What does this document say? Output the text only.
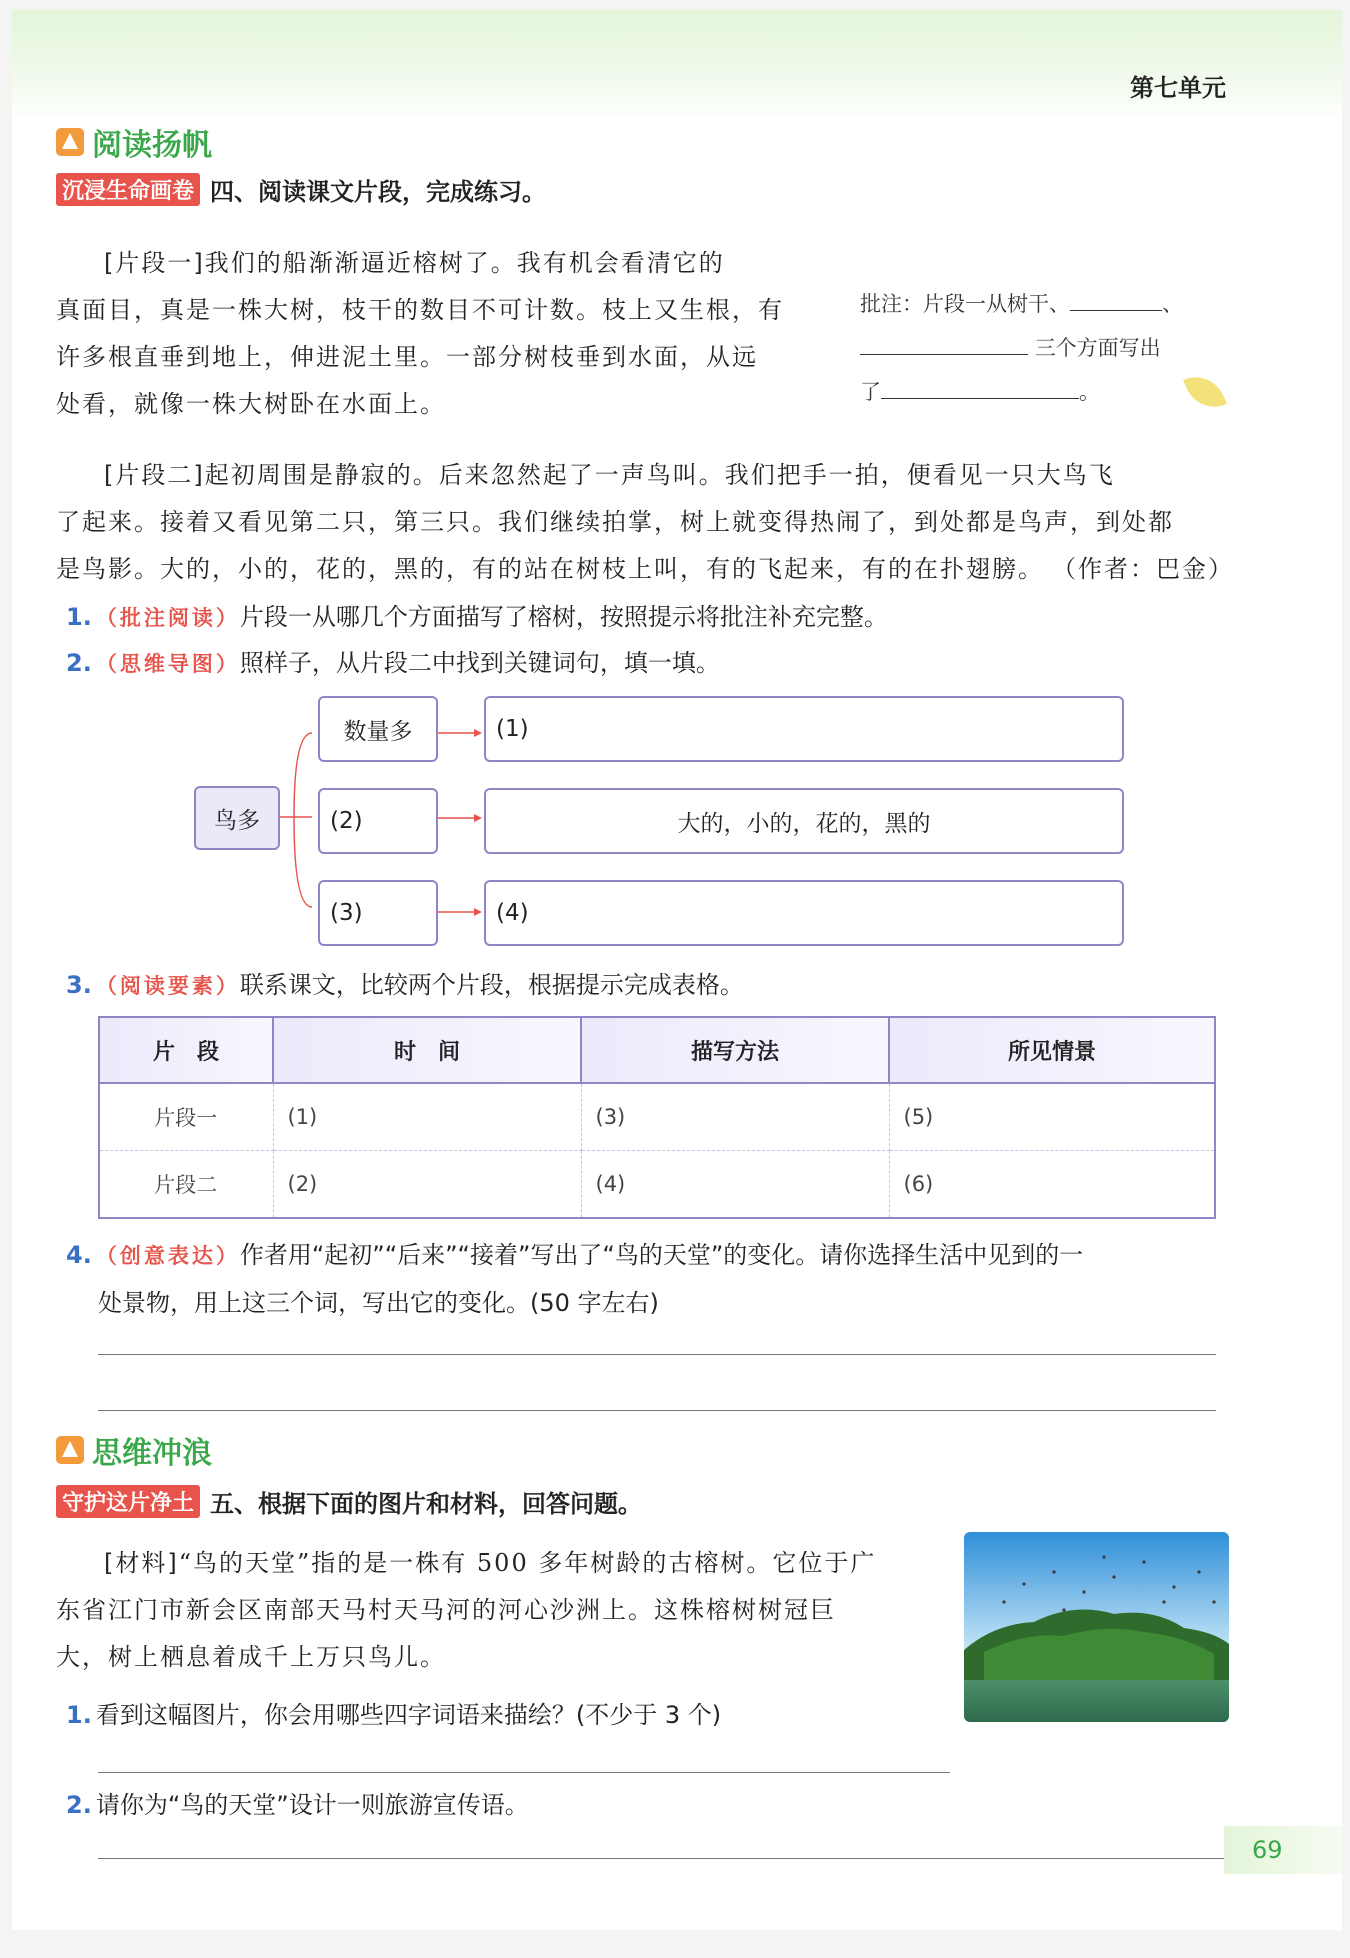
第七单元
阅读扬帆
沉浸生命画卷 四、阅读课文片段，完成练习。
[片段一]我们的船渐渐逼近榕树了。我有机会看清它的
真面目，真是一株大树，枝干的数目不可计数。枝上又生根，有
许多根直垂到地上，伸进泥土里。一部分树枝垂到水面，从远
处看，就像一株大树卧在水面上。
批注：片段一从树干、	、
三个方面写出
了	。
[片段二]起初周围是静寂的。后来忽然起了一声鸟叫。我们把手一拍，便看见一只大鸟飞
了起来。接着又看见第二只，第三只。我们继续拍掌，树上就变得热闹了，到处都是鸟声，到处都
是鸟影。大的，小的，花的，黑的，有的站在树枝上叫，有的飞起来，有的在扑翅膀。 （作者：巴金）

1. （批注阅读）片段一从哪几个方面描写了榕树，按照提示将批注补充完整。

2. （思维导图）照样子，从片段二中找到关键词句，填一填。

鸟多
数量多
(2)
(3)
(1)
大的，小的，花的，黑的
(4)

3. （阅读要素）联系课文，比较两个片段，根据提示完成表格。

片　段	时　间	描写方法	所见情景
片段一	(1)	(3)	(5)
片段二	(2)	(4)	(6)

4. （创意表达）作者用“起初”“后来”“接着”写出了“鸟的天堂”的变化。请你选择生活中见到的一

处景物，用上这三个词，写出它的变化。(50 字左右)

思维冲浪
守护这片净土 五、根据下面的图片和材料，回答问题。
[材料]“鸟的天堂”指的是一株有 500 多年树龄的古榕树。它位于广
东省江门市新会区南部天马村天马河的河心沙洲上。这株榕树树冠巨
大，树上栖息着成千上万只鸟儿。

1. 看到这幅图片，你会用哪些四字词语来描绘？(不少于 3 个)

2. 请你为“鸟的天堂”设计一则旅游宣传语。

69
